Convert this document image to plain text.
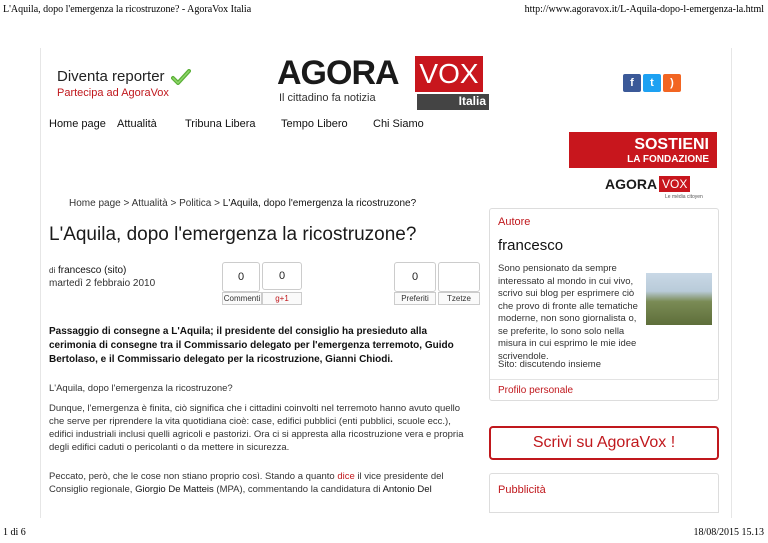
L'Aquila, dopo l'emergenza la ricostruzone? - AgoraVox Italia	http://www.agoravox.it/L-Aquila-dopo-l-emergenza-la.html
Diventa reporter
Partecipa ad AgoraVox
AGORA VOX
Il cittadino fa notizia	Italia
f	t	)
Home page	Attualità	Tribuna Libera	Tempo Libero	Chi Siamo
SOSTIENI
LA FONDAZIONE
AGORA VOX
Le média citoyen
Home page > Attualità > Politica > L'Aquila, dopo l'emergenza la ricostruzone?
L'Aquila, dopo l'emergenza la ricostruzone?
di francesco (sito)
martedì 2 febbraio 2010
0	0	0
Commenti	g+1	Preferiti	Tzetze
Passaggio di consegne a L'Aquila; il presidente del consiglio ha presieduto alla cerimonia di consegne tra il Commissario delegato per l'emergenza terremoto, Guido Bertolaso, e il Commissario delegato per la ricostruzione, Gianni Chiodi.
L'Aquila, dopo l'emergenza la ricostruzone?
Dunque, l'emergenza è finita, ciò significa che i cittadini coinvolti nel terremoto hanno avuto quello che serve per riprendere la vita quotidiana cioè: case, edifici pubblici (enti pubblici, scuole ecc.), edifici industriali inclusi quelli agricoli e pastorizi. Ora ci si appresta alla ricostruzione vera e propria degli edifici caduti o pericolanti o da mettere in sicurezza.
Peccato, però, che le cose non stiano proprio così. Stando a quanto dice il vice presidente del Consiglio regionale, Giorgio De Matteis (MPA), commentando la candidatura di Antonio Del
Autore
francesco
Sono pensionato da sempre interessato al mondo in cui vivo, scrivo sui blog per esprimere ciò che provo di fronte alle tematiche moderne, non sono giornalista o, se preferite, lo sono solo nella misura in cui esprimo le mie idee scrivendole.
Sito: discutendo insieme
Profilo personale
Scrivi su AgoraVox !
Pubblicità
1 di 6	18/08/2015 15.13
